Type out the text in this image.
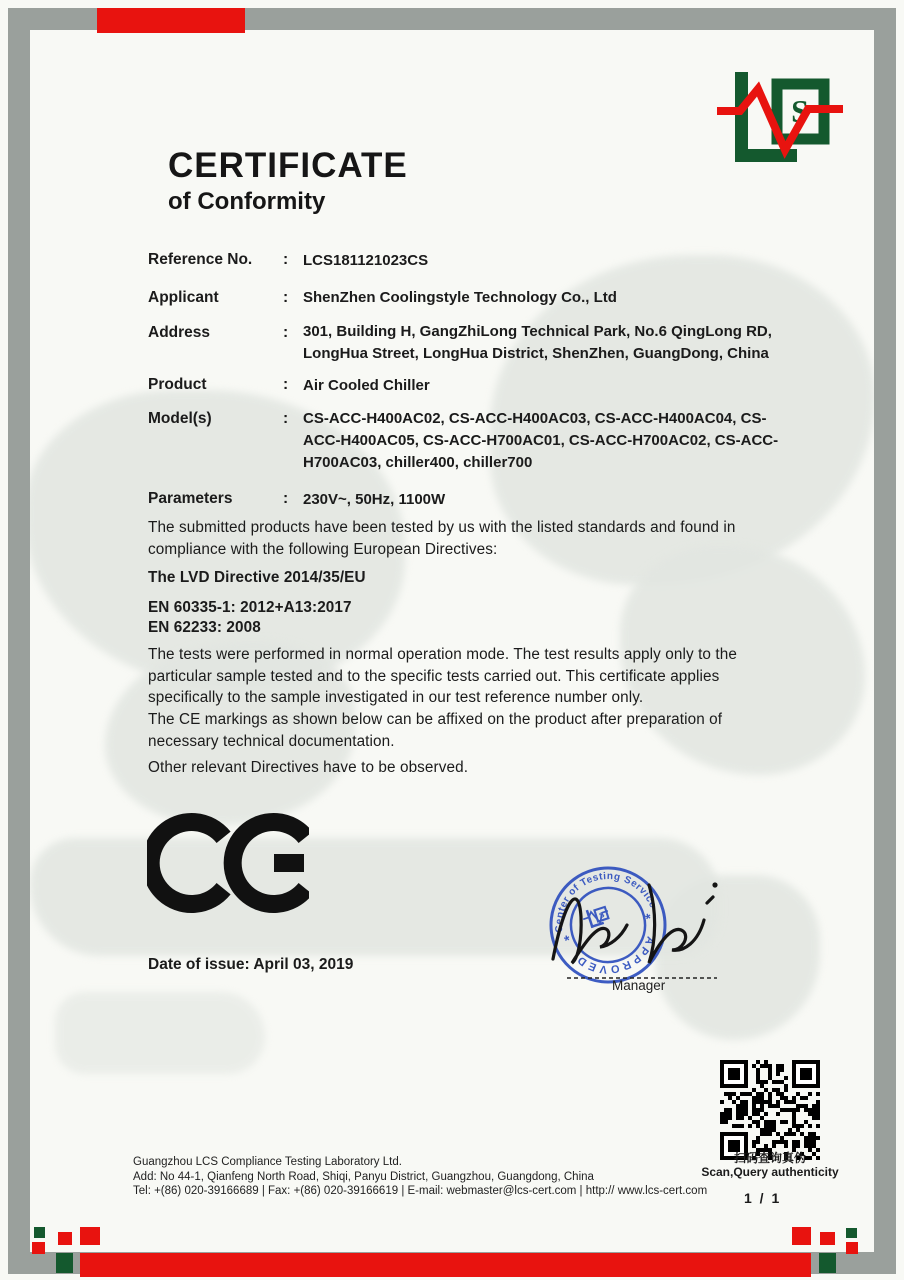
S
CERTIFICATE
of Conformity
Reference No.	: LCS181121023CS
Applicant	: ShenZhen Coolingstyle Technology Co., Ltd
Address	: 301, Building H, GangZhiLong Technical Park, No.6 QingLong RD,
LongHua Street, LongHua District, ShenZhen, GuangDong, China
Product	: Air Cooled Chiller
Model(s)	: CS-ACC-H400AC02, CS-ACC-H400AC03, CS-ACC-H400AC04, CS-
ACC-H400AC05, CS-ACC-H700AC01, CS-ACC-H700AC02, CS-ACC-
H700AC03, chiller400, chiller700
Parameters	: 230V~, 50Hz, 1100W
The submitted products have been tested by us with the listed standards and found in compliance with the following European Directives:
The LVD Directive 2014/35/EU
EN 60335-1: 2012+A13:2017
EN 62233: 2008
The tests were performed in normal operation mode. The test results apply only to the particular sample tested and to the specific tests carried out. This certificate applies specifically to the sample investigated in our test reference number only.
The CE markings as shown below can be affixed on the product after preparation of necessary technical documentation.
Other relevant Directives have to be observed.
Date of issue: April 03, 2019
Center of Testing Service
APPROVED
*
*
S
Manager
Guangzhou LCS Compliance Testing Laboratory Ltd.
Add: No 44-1, Qianfeng North Road, Shiqi, Panyu District, Guangzhou, Guangdong, China
Tel: +(86) 020-39166689 | Fax: +(86) 020-39166619 | E-mail: webmaster@lcs-cert.com | http:// www.lcs-cert.com
扫码查询真伪
Scan,Query authenticity
1 / 1
